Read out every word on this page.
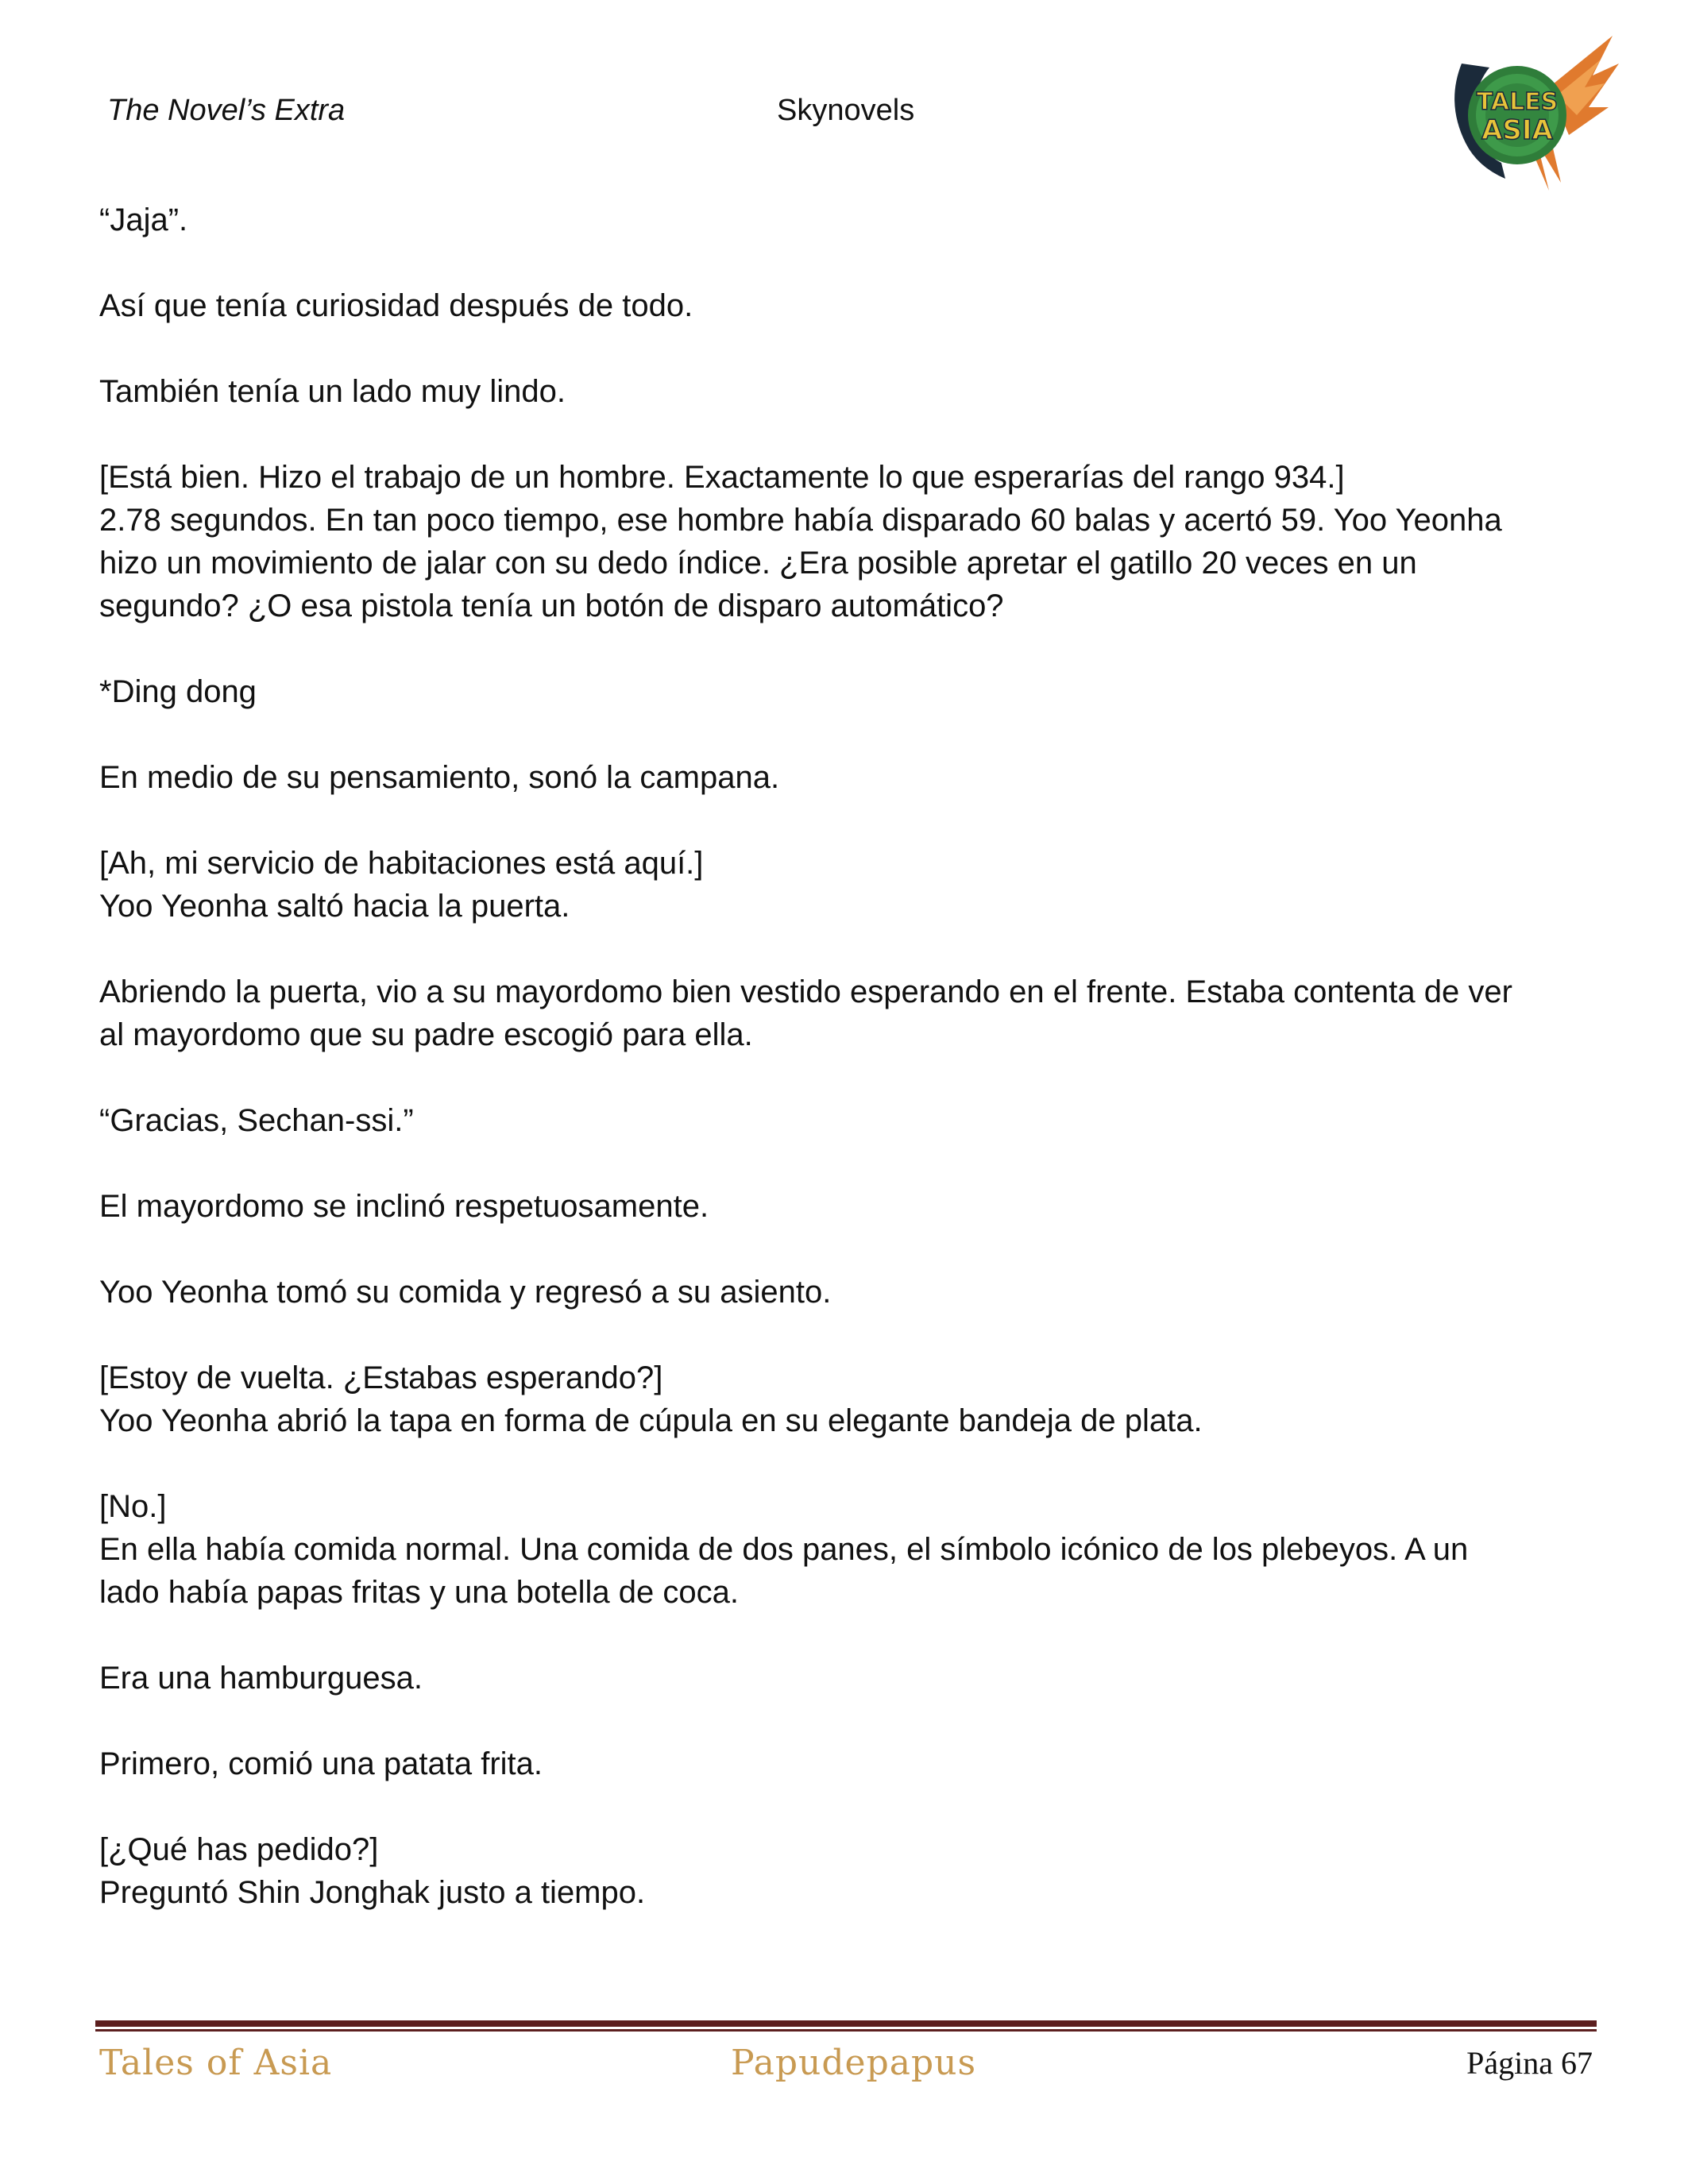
The Novel’s Extra	Skynovels	TALES
ASIA

“Jaja”.

Así que tenía curiosidad después de todo.

También tenía un lado muy lindo.

[Está bien. Hizo el trabajo de un hombre. Exactamente lo que esperarías del rango 934.]
2.78 segundos. En tan poco tiempo, ese hombre había disparado 60 balas y acertó 59. Yoo Yeonha
hizo un movimiento de jalar con su dedo índice. ¿Era posible apretar el gatillo 20 veces en un
segundo? ¿O esa pistola tenía un botón de disparo automático?

*Ding dong

En medio de su pensamiento, sonó la campana.

[Ah, mi servicio de habitaciones está aquí.]
Yoo Yeonha saltó hacia la puerta.

Abriendo la puerta, vio a su mayordomo bien vestido esperando en el frente. Estaba contenta de ver
al mayordomo que su padre escogió para ella.

“Gracias, Sechan-ssi.”

El mayordomo se inclinó respetuosamente.

Yoo Yeonha tomó su comida y regresó a su asiento.

[Estoy de vuelta. ¿Estabas esperando?]
Yoo Yeonha abrió la tapa en forma de cúpula en su elegante bandeja de plata.

[No.]
En ella había comida normal. Una comida de dos panes, el símbolo icónico de los plebeyos. A un
lado había papas fritas y una botella de coca.

Era una hamburguesa.

Primero, comió una patata frita.

[¿Qué has pedido?]
Preguntó Shin Jonghak justo a tiempo.

Tales of Asia	Papudepapus	Página 67
